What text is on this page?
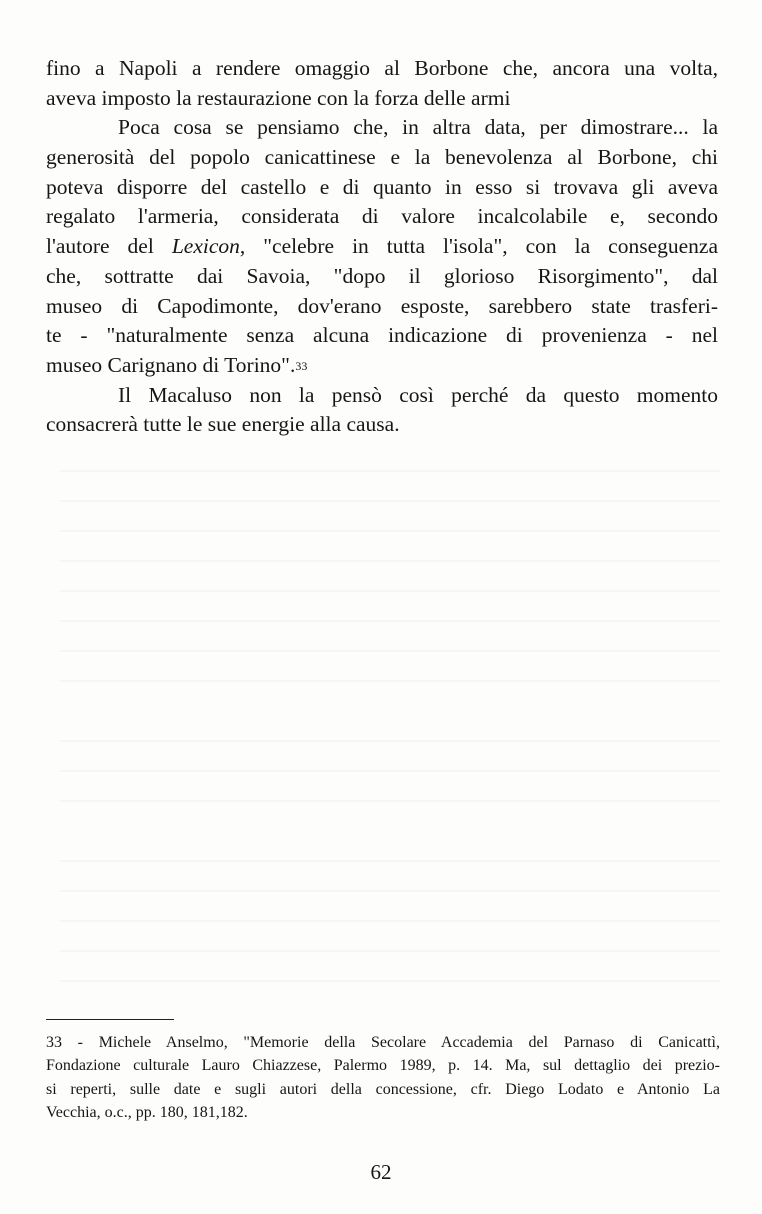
fino a Napoli a rendere omaggio al Borbone che, ancora una volta,
aveva imposto la restaurazione con la forza delle armi
Poca cosa se pensiamo che, in altra data, per dimostrare... la
generosità del popolo canicattinese e la benevolenza al Borbone, chi
poteva disporre del castello e di quanto in esso si trovava gli aveva
regalato l'armeria, considerata di valore incalcolabile e, secondo
l'autore del Lexicon, "celebre in tutta l'isola", con la conseguenza
che, sottratte dai Savoia, "dopo il glorioso Risorgimento", dal
museo di Capodimonte, dov'erano esposte, sarebbero state trasferi-
te - "naturalmente senza alcuna indicazione di provenienza - nel
museo Carignano di Torino".$^{33}$
Il Macaluso non la pensò così perché da questo momento
consacrerà tutte le sue energie alla causa.
33 - Michele Anselmo, "Memorie della Secolare Accademia del Parnaso di Canicattì,
Fondazione culturale Lauro Chiazzese, Palermo 1989, p. 14. Ma, sul dettaglio dei prezio-
si reperti, sulle date e sugli autori della concessione, cfr. Diego Lodato e Antonio La
Vecchia, o.c., pp. 180, 181,182.
62
